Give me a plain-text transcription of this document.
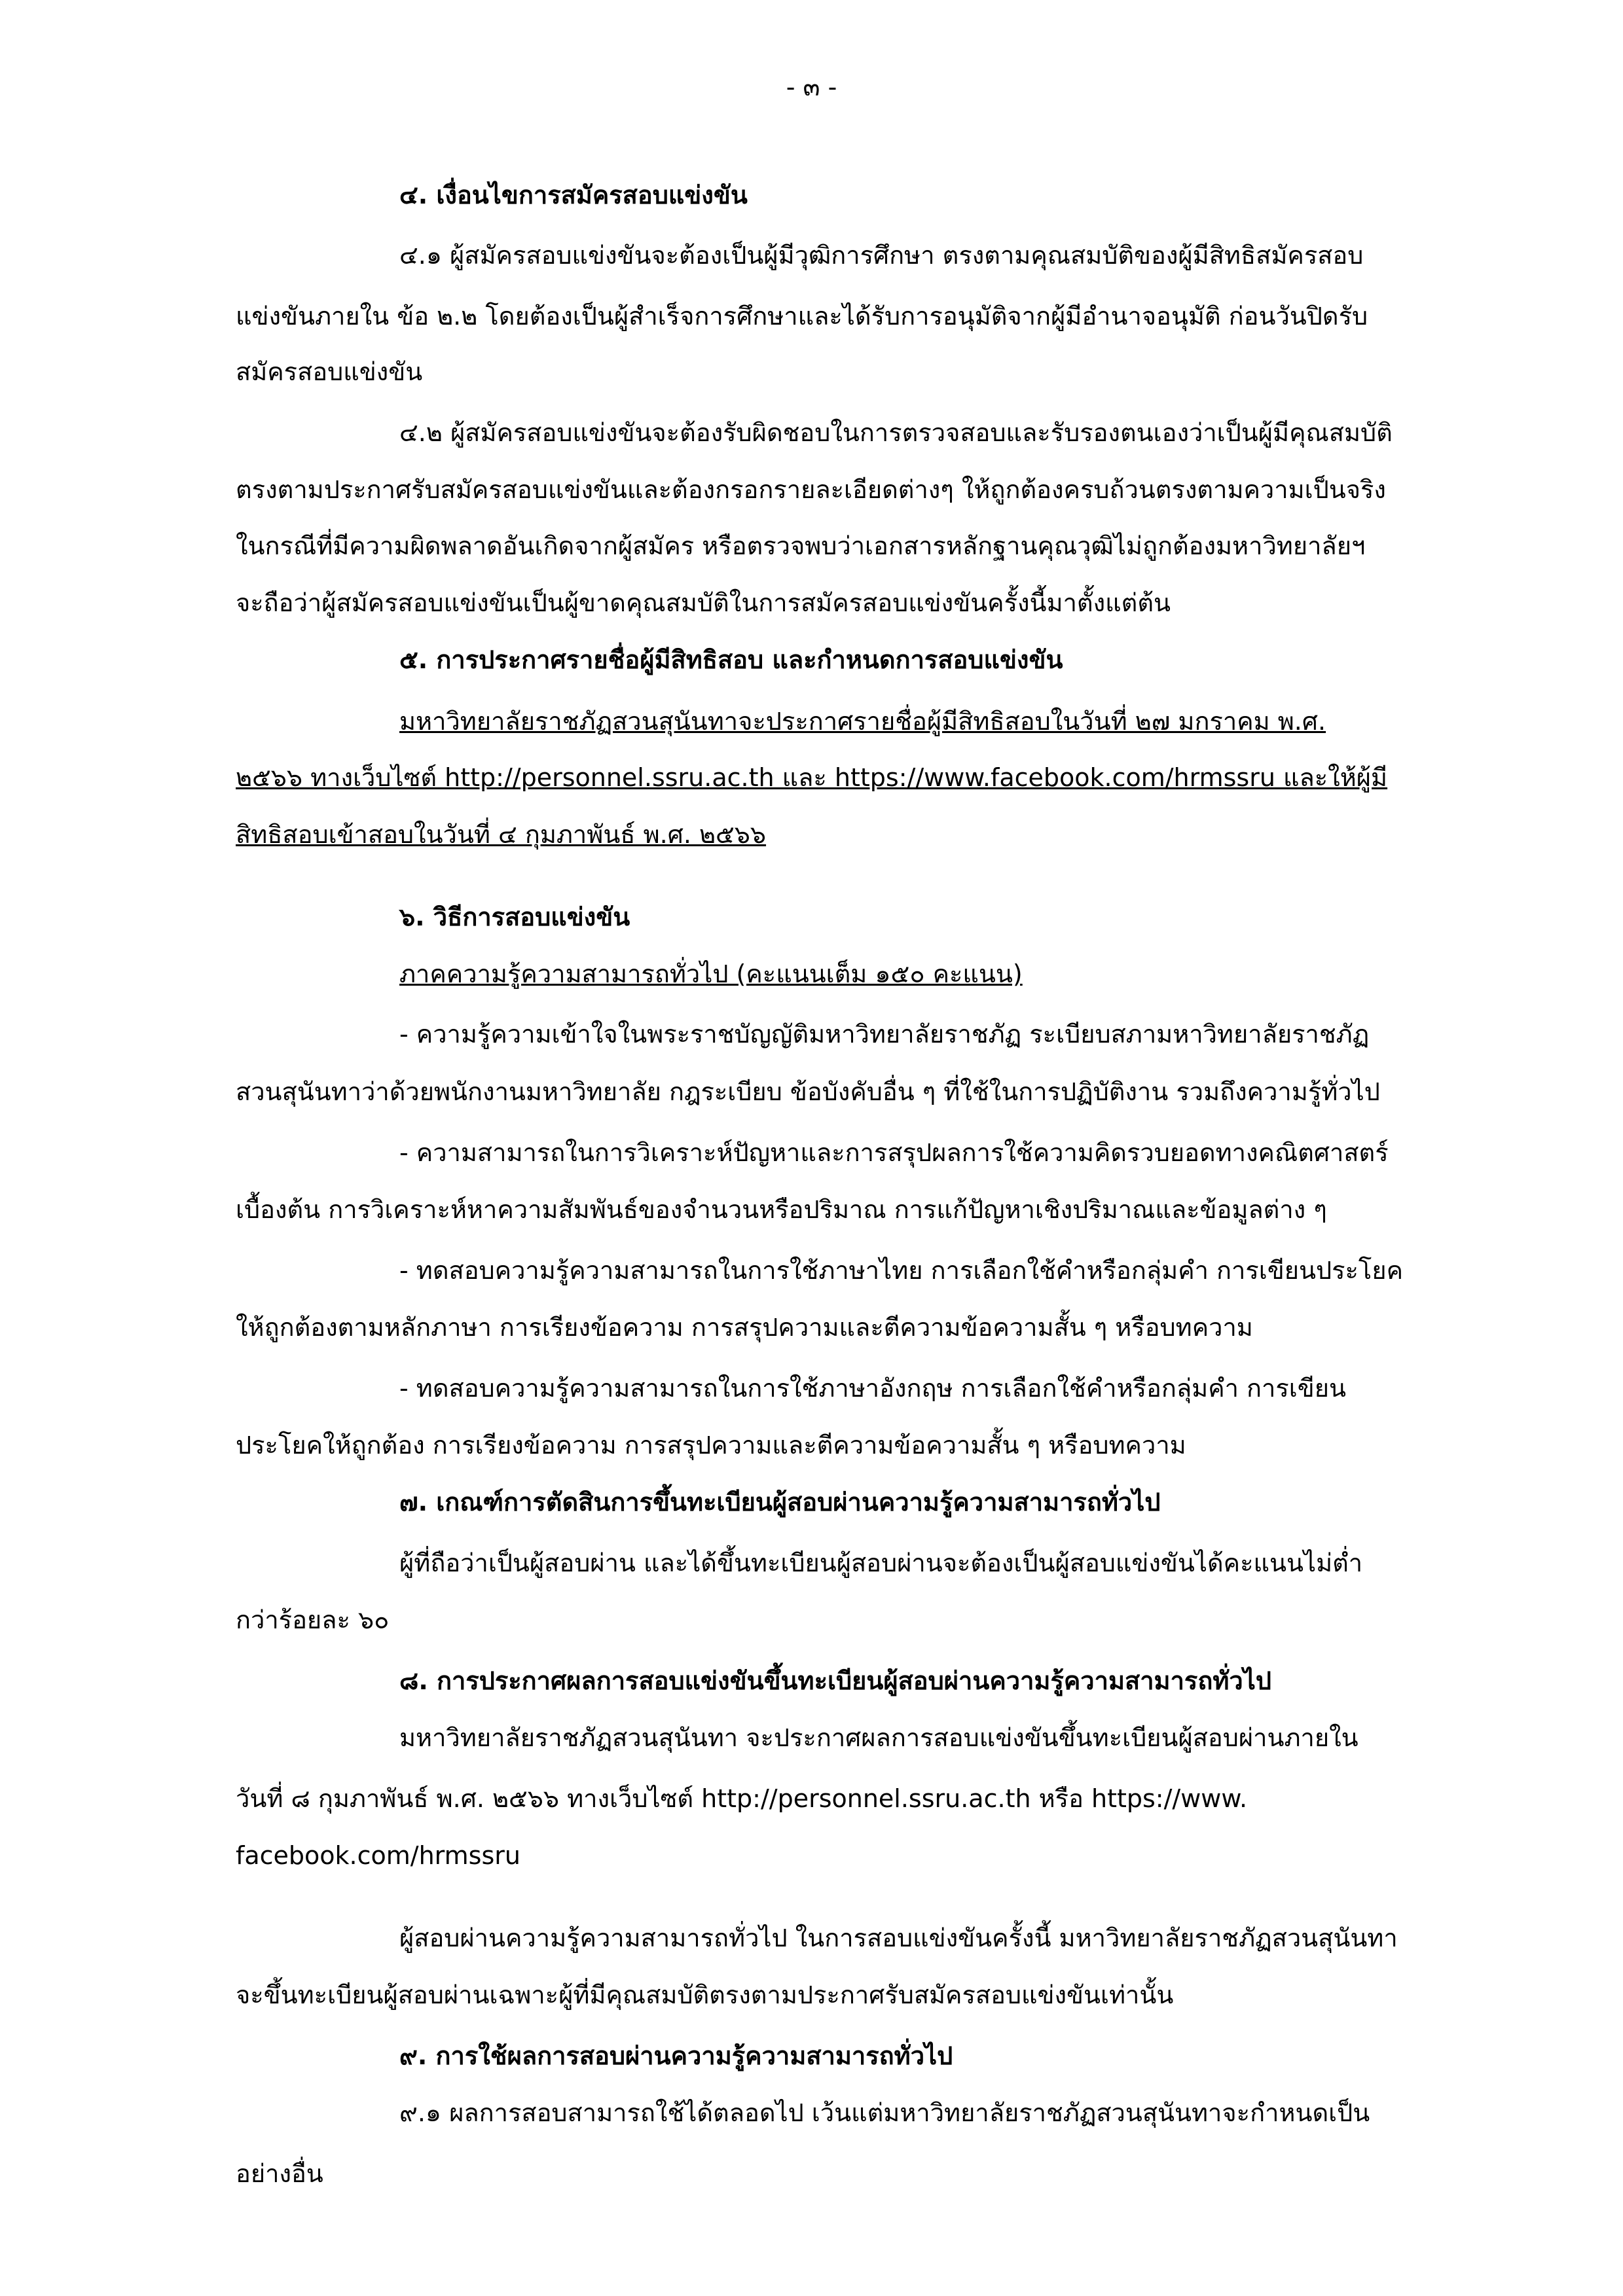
- ๓ -
๔. เงื่อนไขการสมัครสอบแข่งขัน
๔.๑ ผู้สมัครสอบแข่งขันจะต้องเป็นผู้มีวุฒิการศึกษา ตรงตามคุณสมบัติของผู้มีสิทธิสมัครสอบ
แข่งขันภายใน ข้อ ๒.๒ โดยต้องเป็นผู้สำเร็จการศึกษาและได้รับการอนุมัติจากผู้มีอำนาจอนุมัติ ก่อนวันปิดรับ
สมัครสอบแข่งขัน
๔.๒ ผู้สมัครสอบแข่งขันจะต้องรับผิดชอบในการตรวจสอบและรับรองตนเองว่าเป็นผู้มีคุณสมบัติ
ตรงตามประกาศรับสมัครสอบแข่งขันและต้องกรอกรายละเอียดต่างๆ ให้ถูกต้องครบถ้วนตรงตามความเป็นจริง
ในกรณีที่มีความผิดพลาดอันเกิดจากผู้สมัคร หรือตรวจพบว่าเอกสารหลักฐานคุณวุฒิไม่ถูกต้องมหาวิทยาลัยฯ
จะถือว่าผู้สมัครสอบแข่งขันเป็นผู้ขาดคุณสมบัติในการสมัครสอบแข่งขันครั้งนี้มาตั้งแต่ต้น
๕. การประกาศรายชื่อผู้มีสิทธิสอบ และกำหนดการสอบแข่งขัน
มหาวิทยาลัยราชภัฏสวนสุนันทาจะประกาศรายชื่อผู้มีสิทธิสอบในวันที่ ๒๗ มกราคม พ.ศ.
๒๕๖๖ ทางเว็บไซต์ http://personnel.ssru.ac.th และ https://www.facebook.com/hrmssru และให้ผู้มี
สิทธิสอบเข้าสอบในวันที่ ๔ กุมภาพันธ์ พ.ศ. ๒๕๖๖
๖. วิธีการสอบแข่งขัน
ภาคความรู้ความสามารถทั่วไป (คะแนนเต็ม ๑๕๐ คะแนน)
- ความรู้ความเข้าใจในพระราชบัญญัติมหาวิทยาลัยราชภัฏ ระเบียบสภามหาวิทยาลัยราชภัฏ
สวนสุนันทาว่าด้วยพนักงานมหาวิทยาลัย กฎระเบียบ ข้อบังคับอื่น ๆ ที่ใช้ในการปฏิบัติงาน รวมถึงความรู้ทั่วไป
- ความสามารถในการวิเคราะห์ปัญหาและการสรุปผลการใช้ความคิดรวบยอดทางคณิตศาสตร์
เบื้องต้น การวิเคราะห์หาความสัมพันธ์ของจำนวนหรือปริมาณ การแก้ปัญหาเชิงปริมาณและข้อมูลต่าง ๆ
- ทดสอบความรู้ความสามารถในการใช้ภาษาไทย การเลือกใช้คำหรือกลุ่มคำ การเขียนประโยค
ให้ถูกต้องตามหลักภาษา การเรียงข้อความ การสรุปความและตีความข้อความสั้น ๆ หรือบทความ
- ทดสอบความรู้ความสามารถในการใช้ภาษาอังกฤษ การเลือกใช้คำหรือกลุ่มคำ การเขียน
ประโยคให้ถูกต้อง การเรียงข้อความ การสรุปความและตีความข้อความสั้น ๆ หรือบทความ
๗. เกณฑ์การตัดสินการขึ้นทะเบียนผู้สอบผ่านความรู้ความสามารถทั่วไป
ผู้ที่ถือว่าเป็นผู้สอบผ่าน และได้ขึ้นทะเบียนผู้สอบผ่านจะต้องเป็นผู้สอบแข่งขันได้คะแนนไม่ต่ำ
กว่าร้อยละ ๖๐
๘. การประกาศผลการสอบแข่งขันขึ้นทะเบียนผู้สอบผ่านความรู้ความสามารถทั่วไป
มหาวิทยาลัยราชภัฏสวนสุนันทา จะประกาศผลการสอบแข่งขันขึ้นทะเบียนผู้สอบผ่านภายใน
วันที่ ๘ กุมภาพันธ์ พ.ศ. ๒๕๖๖ ทางเว็บไซต์ http://personnel.ssru.ac.th หรือ https://www.
facebook.com/hrmssru
ผู้สอบผ่านความรู้ความสามารถทั่วไป ในการสอบแข่งขันครั้งนี้ มหาวิทยาลัยราชภัฏสวนสุนันทา
จะขึ้นทะเบียนผู้สอบผ่านเฉพาะผู้ที่มีคุณสมบัติตรงตามประกาศรับสมัครสอบแข่งขันเท่านั้น
๙. การใช้ผลการสอบผ่านความรู้ความสามารถทั่วไป
๙.๑ ผลการสอบสามารถใช้ได้ตลอดไป เว้นแต่มหาวิทยาลัยราชภัฏสวนสุนันทาจะกำหนดเป็น
อย่างอื่น
